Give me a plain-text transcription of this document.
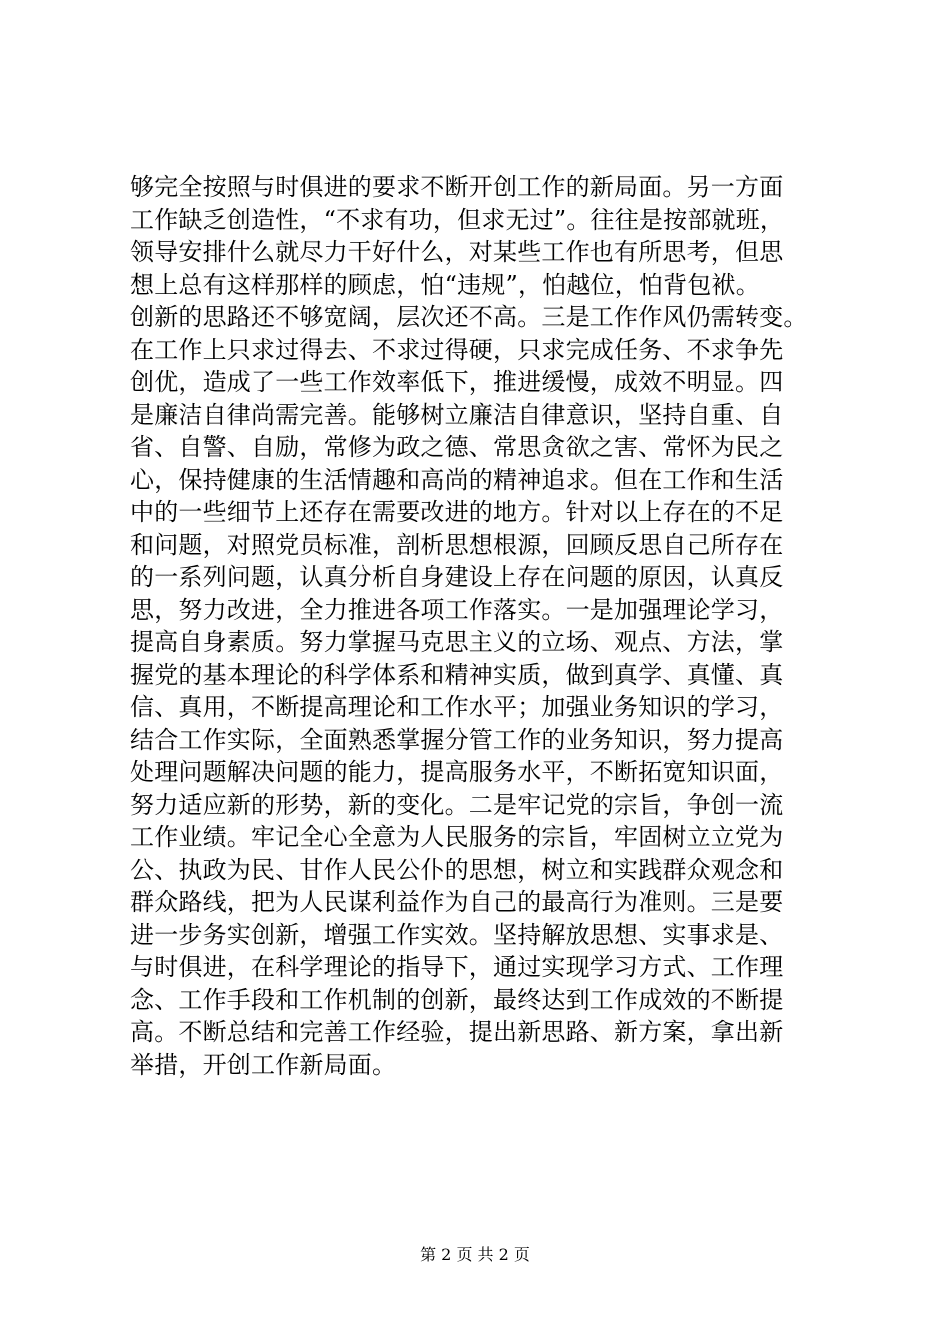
够完全按照与时俱进的要求不断开创工作的新局面。另一方面
工作缺乏创造性，“不求有功，但求无过”。往往是按部就班，
领导安排什么就尽力干好什么，对某些工作也有所思考，但思
想上总有这样那样的顾虑，怕“违规”，怕越位，怕背包袱。
创新的思路还不够宽阔，层次还不高。三是工作作风仍需转变。
在工作上只求过得去、不求过得硬，只求完成任务、不求争先
创优，造成了一些工作效率低下，推进缓慢，成效不明显。四
是廉洁自律尚需完善。能够树立廉洁自律意识，坚持自重、自
省、自警、自励，常修为政之德、常思贪欲之害、常怀为民之
心，保持健康的生活情趣和高尚的精神追求。但在工作和生活
中的一些细节上还存在需要改进的地方。针对以上存在的不足
和问题，对照党员标准，剖析思想根源，回顾反思自己所存在
的一系列问题，认真分析自身建设上存在问题的原因，认真反
思，努力改进，全力推进各项工作落实。一是加强理论学习，
提高自身素质。努力掌握马克思主义的立场、观点、方法，掌
握党的基本理论的科学体系和精神实质，做到真学、真懂、真
信、真用，不断提高理论和工作水平；加强业务知识的学习，
结合工作实际，全面熟悉掌握分管工作的业务知识，努力提高
处理问题解决问题的能力，提高服务水平，不断拓宽知识面，
努力适应新的形势，新的变化。二是牢记党的宗旨，争创一流
工作业绩。牢记全心全意为人民服务的宗旨，牢固树立立党为
公、执政为民、甘作人民公仆的思想，树立和实践群众观念和
群众路线，把为人民谋利益作为自己的最高行为准则。三是要
进一步务实创新，增强工作实效。坚持解放思想、实事求是、
与时俱进，在科学理论的指导下，通过实现学习方式、工作理
念、工作手段和工作机制的创新，最终达到工作成效的不断提
高。不断总结和完善工作经验，提出新思路、新方案，拿出新
举措，开创工作新局面。
第 2 页 共 2 页
